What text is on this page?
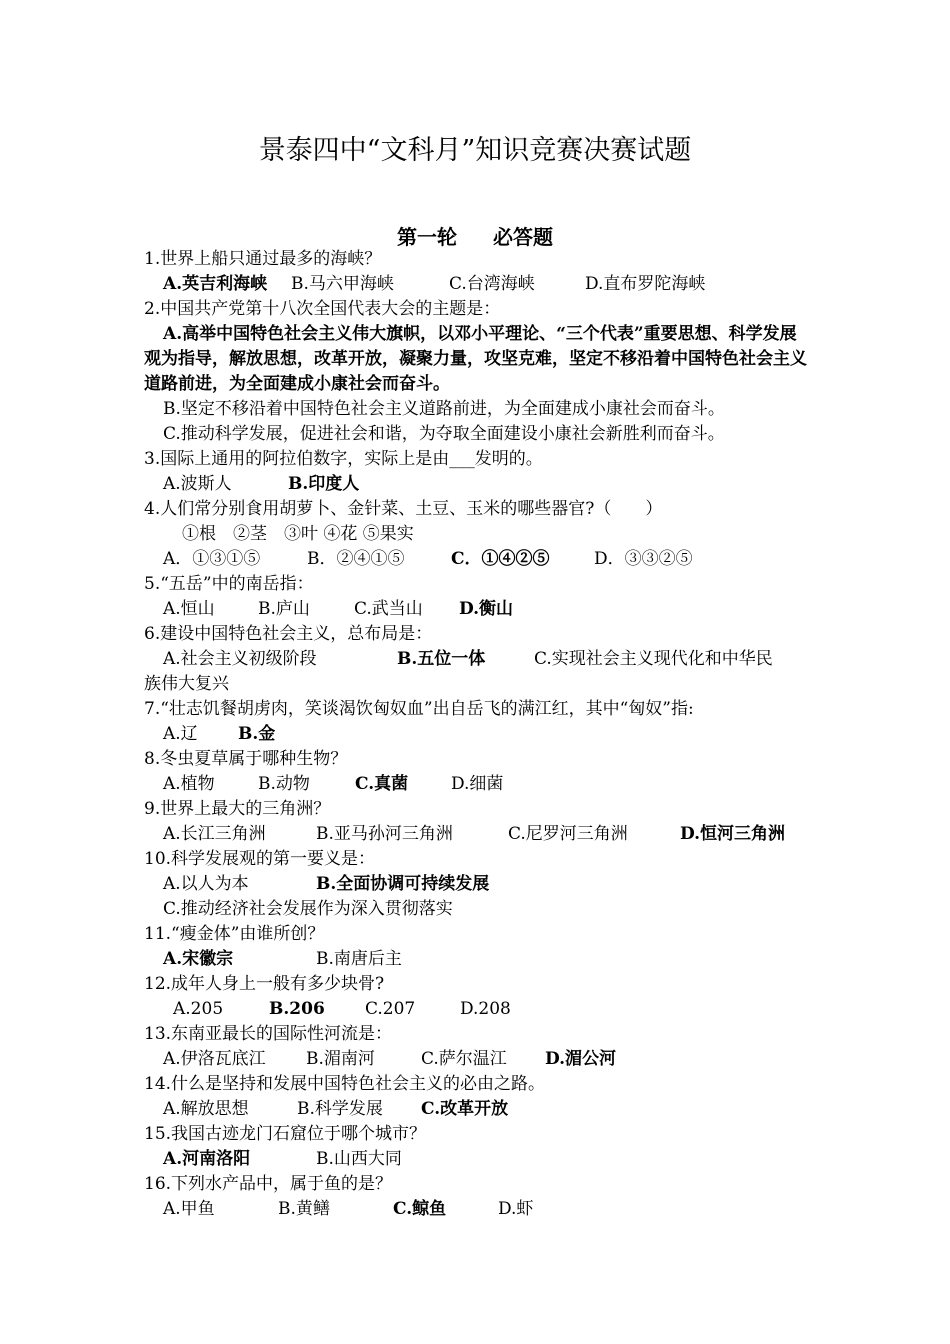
景泰四中“文科月”知识竞赛决赛试题
第一轮 必答题
1.世界上船只通过最多的海峡？
A.英吉利海峡 B.马六甲海峡	C.台湾海峡	D.直布罗陀海峡
2.中国共产党第十八次全国代表大会的主题是：
A.高举中国特色社会主义伟大旗帜，以邓小平理论、“三个代表”重要思想、科学发展观为指导，解放思想，改革开放，凝聚力量，攻坚克难，坚定不移沿着中国特色社会主义道路前进，为全面建成小康社会而奋斗。
B.坚定不移沿着中国特色社会主义道路前进，为全面建成小康社会而奋斗。
C.推动科学发展，促进社会和谐，为夺取全面建设小康社会新胜利而奋斗。
3.国际上通用的阿拉伯数字，实际上是由___发明的。
A.波斯人	B.印度人
4.人们常分别食用胡萝卜、金针菜、土豆、玉米的哪些器官?（　　）
①根　②茎　③叶 ④花 ⑤果实
A．①③①⑤	B．②④①⑤	C．①④②⑤	D．③③②⑤
5.“五岳”中的南岳指：
A.恒山	B.庐山	C.武当山 D.衡山
6.建设中国特色社会主义，总布局是：
A.社会主义初级阶段	B.五位一体	C.实现社会主义现代化和中华民
族伟大复兴
7.“壮志饥餐胡虏肉，笑谈渴饮匈奴血”出自岳飞的满江红，其中“匈奴”指:
A.辽 B.金
8.冬虫夏草属于哪种生物？
A.植物	B.动物	C.真菌	D.细菌
9.世界上最大的三角洲？
A.长江三角洲	B.亚马孙河三角洲	C.尼罗河三角洲	D.恒河三角洲
10.科学发展观的第一要义是：
A.以人为本	B.全面协调可持续发展
C.推动经济社会发展作为深入贯彻落实
11.“瘦金体”由谁所创？
A.宋徽宗	B.南唐后主
12.成年人身上一般有多少块骨?
A.205	B.206 C.207	D.208
13.东南亚最长的国际性河流是：
A.伊洛瓦底江 B.湄南河	C.萨尔温江 D.湄公河
14.什么是坚持和发展中国特色社会主义的必由之路。
A.解放思想	B.科学发展 C.改革开放
15.我国古迹龙门石窟位于哪个城市？
A.河南洛阳	B.山西大同
16.下列水产品中，属于鱼的是？
A.甲鱼	B.黄鳝	C.鲸鱼	D.虾
